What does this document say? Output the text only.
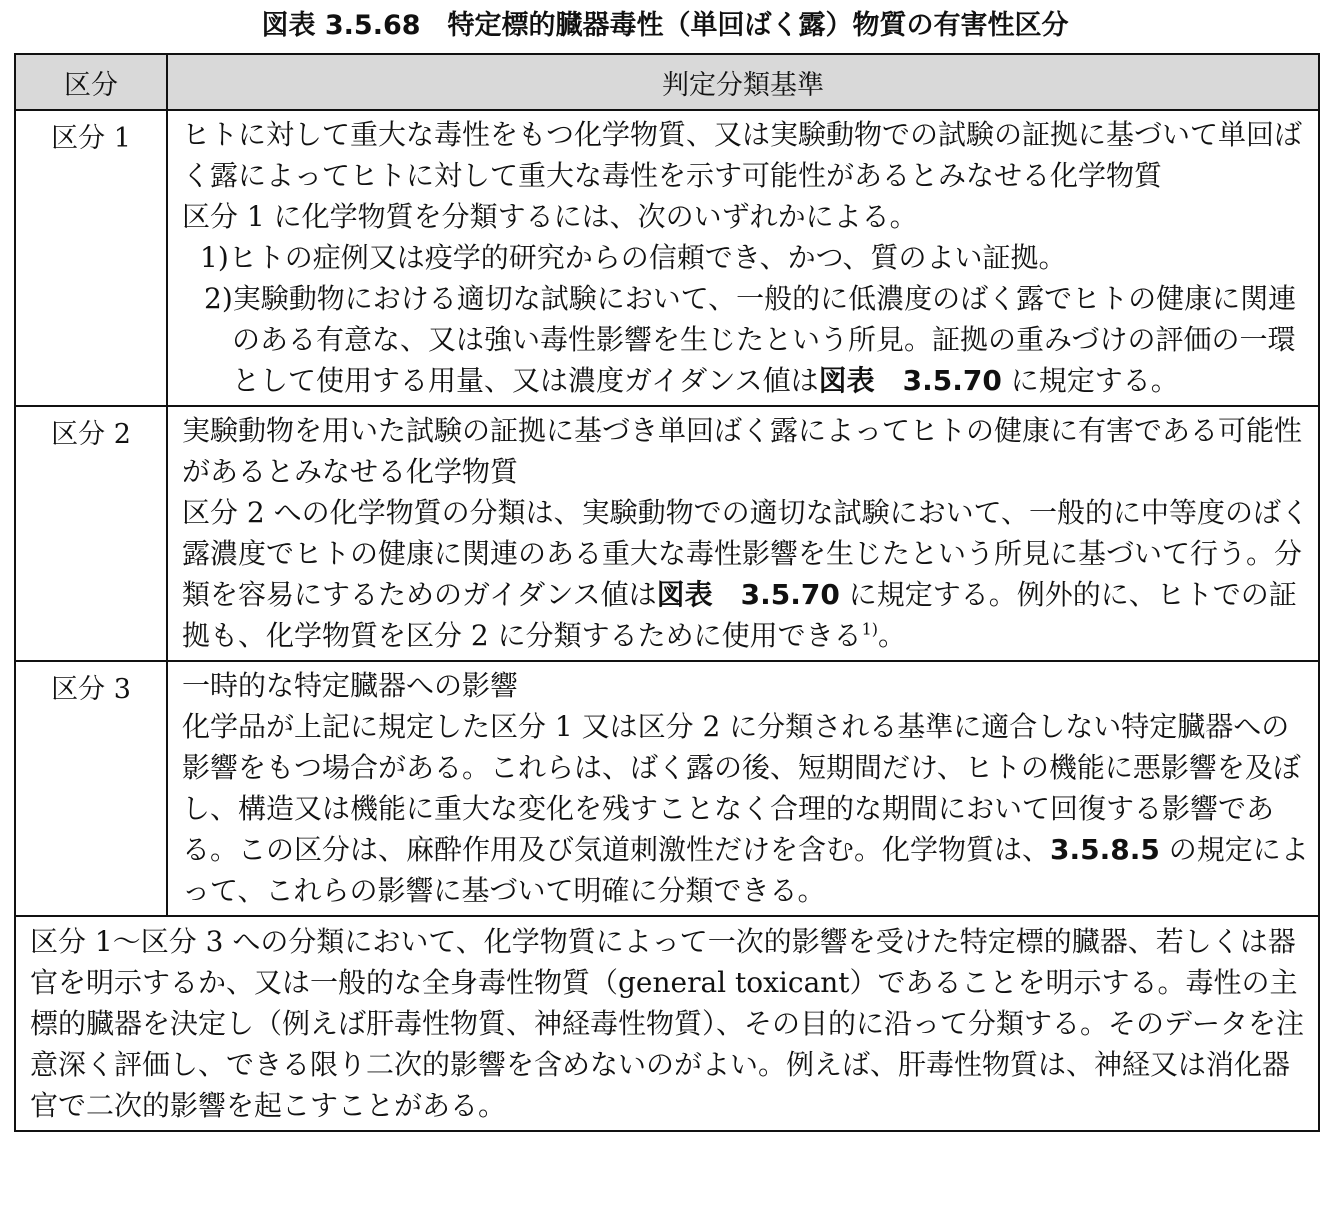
図表 3.5.68　特定標的臓器毒性（単回ばく露）物質の有害性区分
区分	判定分類基準
区分 1	ヒトに対して重大な毒性をもつ化学物質、又は実験動物での試験の証拠に基づいて単回ばく露によってヒトに対して重大な毒性を示す可能性があるとみなせる化学物質

区分 1 に化学物質を分類するには、次のいずれかによる。

1)ヒトの症例又は疫学的研究からの信頼でき、かつ、質のよい証拠。

2)実験動物における適切な試験において、一般的に低濃度のばく露でヒトの健康に関連のある有意な、又は強い毒性影響を生じたという所見。証拠の重みづけの評価の一環として使用する用量、又は濃度ガイダンス値は図表　3.5.70 に規定する。

区分 2	実験動物を用いた試験の証拠に基づき単回ばく露によってヒトの健康に有害である可能性があるとみなせる化学物質

区分 2 への化学物質の分類は、実験動物での適切な試験において、一般的に中等度のばく露濃度でヒトの健康に関連のある重大な毒性影響を生じたという所見に基づいて行う。分類を容易にするためのガイダンス値は図表　3.5.70 に規定する。例外的に、ヒトでの証拠も、化学物質を区分 2 に分類するために使用できる$^{1)}$。

区分 3	一時的な特定臓器への影響

化学品が上記に規定した区分 1 又は区分 2 に分類される基準に適合しない特定臓器への影響をもつ場合がある。これらは、ばく露の後、短期間だけ、ヒトの機能に悪影響を及ぼし、構造又は機能に重大な変化を残すことなく合理的な期間において回復する影響である。この区分は、麻酔作用及び気道刺激性だけを含む。化学物質は、3.5.8.5 の規定によって、これらの影響に基づいて明確に分類できる。

区分 1～区分 3 への分類において、化学物質によって一次的影響を受けた特定標的臓器、若しくは器官を明示するか、又は一般的な全身毒性物質（general toxicant）であることを明示する。毒性の主標的臓器を決定し（例えば肝毒性物質、神経毒性物質）、その目的に沿って分類する。そのデータを注意深く評価し、できる限り二次的影響を含めないのがよい。例えば、肝毒性物質は、神経又は消化器官で二次的影響を起こすことがある。	
